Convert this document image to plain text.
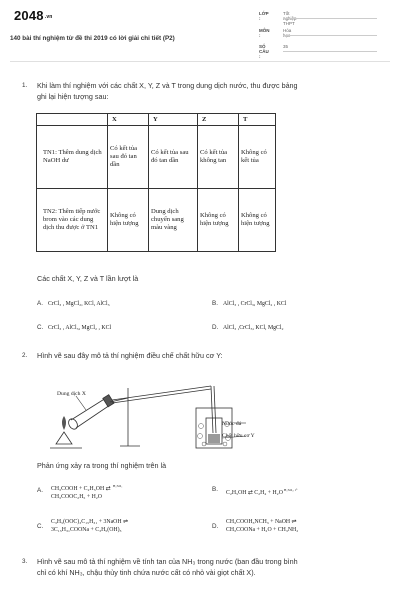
2048.vn
140 bài thí nghiệm từ đề thi 2019 có lời giải chi tiết (P2)
LỚP :
Tốt nghiệp THPT
MÔN :
Hóa học
SỐ CÂU :
35
1. Khi làm thí nghiệm với các chất X, Y, Z và T trong dung dịch nước, thu được bảng
ghi lại hiện tượng sau:
	X	Y	Z	T
TN1: Thêm dung dịch NaOH dư	Có kết tủa sau đó tan dần	Có kết tủa sau đó tan dần	Có kết tủa không tan	Không có kết tủa
TN2: Thêm tiếp nước brom vào các dung dịch thu được ở TN1	Không có hiện tượng	Dung dịch chuyển sang màu vàng	Không có hiện tượng	Không có hiện tượng
Các chất X, Y, Z và T lần lượt là
A. CrCl₃ , MgCl₂, KCl, AlCl₃	B. AlCl₃ , CrCl₃, MgCl₂ , KCl
C. CrCl₃ , AlCl₃, MgCl₂ , KCl	D. AlCl₃ ,CrCl₃, KCl, MgCl₂
2. Hình vẽ sau đây mô tả thí nghiệm điều chế chất hữu cơ Y:
Dung dịch X
Nước đá
Chất hữu cơ Y
Phản ứng xảy ra trong thí nghiệm trên là
A. CH₃COOH + C₂H₅OH ⇄ $^{H_2SO_4}$
CH₃COOC₂H₅ + H₂O
B. C₂H₅OH ⇄ $C_2H_4 + H_2O^{H_2SO_4, t^\circ}$
C.
C₃H₅(OOC)₃C₁₅H₃₁ + 3NaOH ⇌
3C₁₅H₃₁COONa + C₃H₅(OH)₃	D.
CH₃COOH₃NCH₃ + NaOH ⇌
CH₃COONa + H₂O + CH₃NH₂
3. Hình vẽ sau mô tả thí nghiệm về tính tan của NH₃ trong nước (ban đầu trong bình
chỉ có khí NH₃, chậu thủy tinh chứa nước cất có nhỏ vài giọt chất X).
